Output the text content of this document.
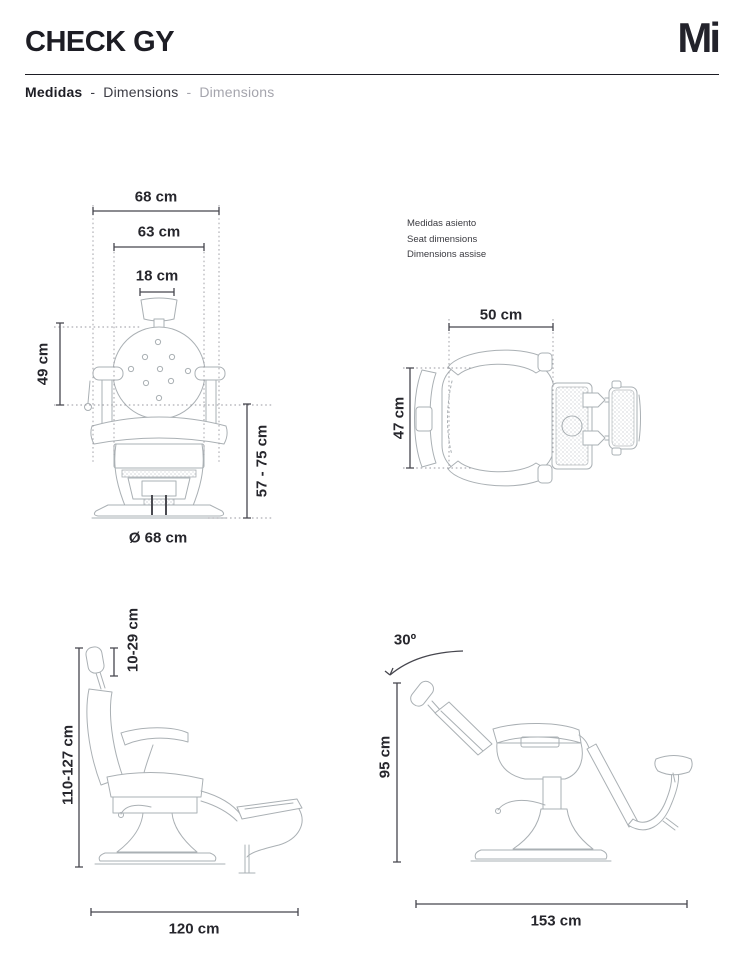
CHECK GY	Mi
Medidas - Dimensions - Dimensions
68 cm
63 cm
18 cm
49 cm
57 - 75 cm
Ø 68 cm
Medidas asiento
Seat dimensions
Dimensions assise
50 cm
47 cm
10-29 cm
110-127 cm
120 cm
30º
95 cm
153 cm
